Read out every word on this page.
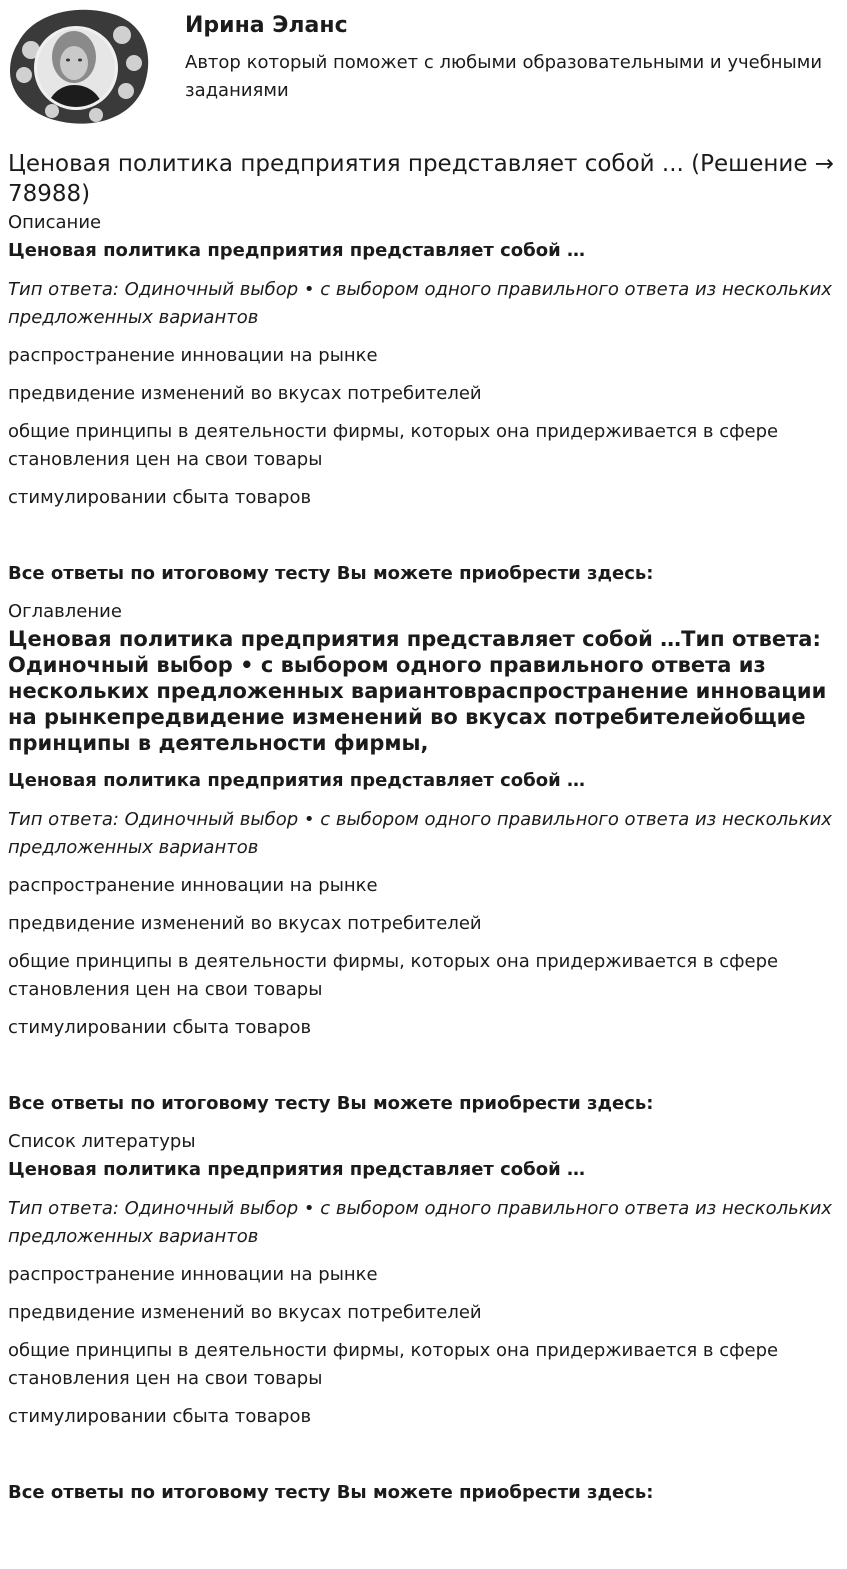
Ирина Эланс
Автор который поможет с любыми образовательными и учебными заданиями
Ценовая политика предприятия представляет собой ... (Решение → 78988)
Описание
Ценовая политика предприятия представляет собой …
Тип ответа: Одиночный выбор • с выбором одного правильного ответа из нескольких предложенных вариантов
распространение инновации на рынке
предвидение изменений во вкусах потребителей
общие принципы в деятельности фирмы, которых она придерживается в сфере становления цен на свои товары
стимулировании сбыта товаров
Все ответы по итоговому тесту Вы можете приобрести здесь:
Оглавление
Ценовая политика предприятия представляет собой …Тип ответа: Одиночный выбор • с выбором одного правильного ответа из нескольких предложенных вариантовраспространение инновации на рынкепредвидение изменений во вкусах потребителейобщие принципы в деятельности фирмы,
Ценовая политика предприятия представляет собой …
Тип ответа: Одиночный выбор • с выбором одного правильного ответа из нескольких предложенных вариантов
распространение инновации на рынке
предвидение изменений во вкусах потребителей
общие принципы в деятельности фирмы, которых она придерживается в сфере становления цен на свои товары
стимулировании сбыта товаров
Все ответы по итоговому тесту Вы можете приобрести здесь:
Список литературы
Ценовая политика предприятия представляет собой …
Тип ответа: Одиночный выбор • с выбором одного правильного ответа из нескольких предложенных вариантов
распространение инновации на рынке
предвидение изменений во вкусах потребителей
общие принципы в деятельности фирмы, которых она придерживается в сфере становления цен на свои товары
стимулировании сбыта товаров
Все ответы по итоговому тесту Вы можете приобрести здесь:
